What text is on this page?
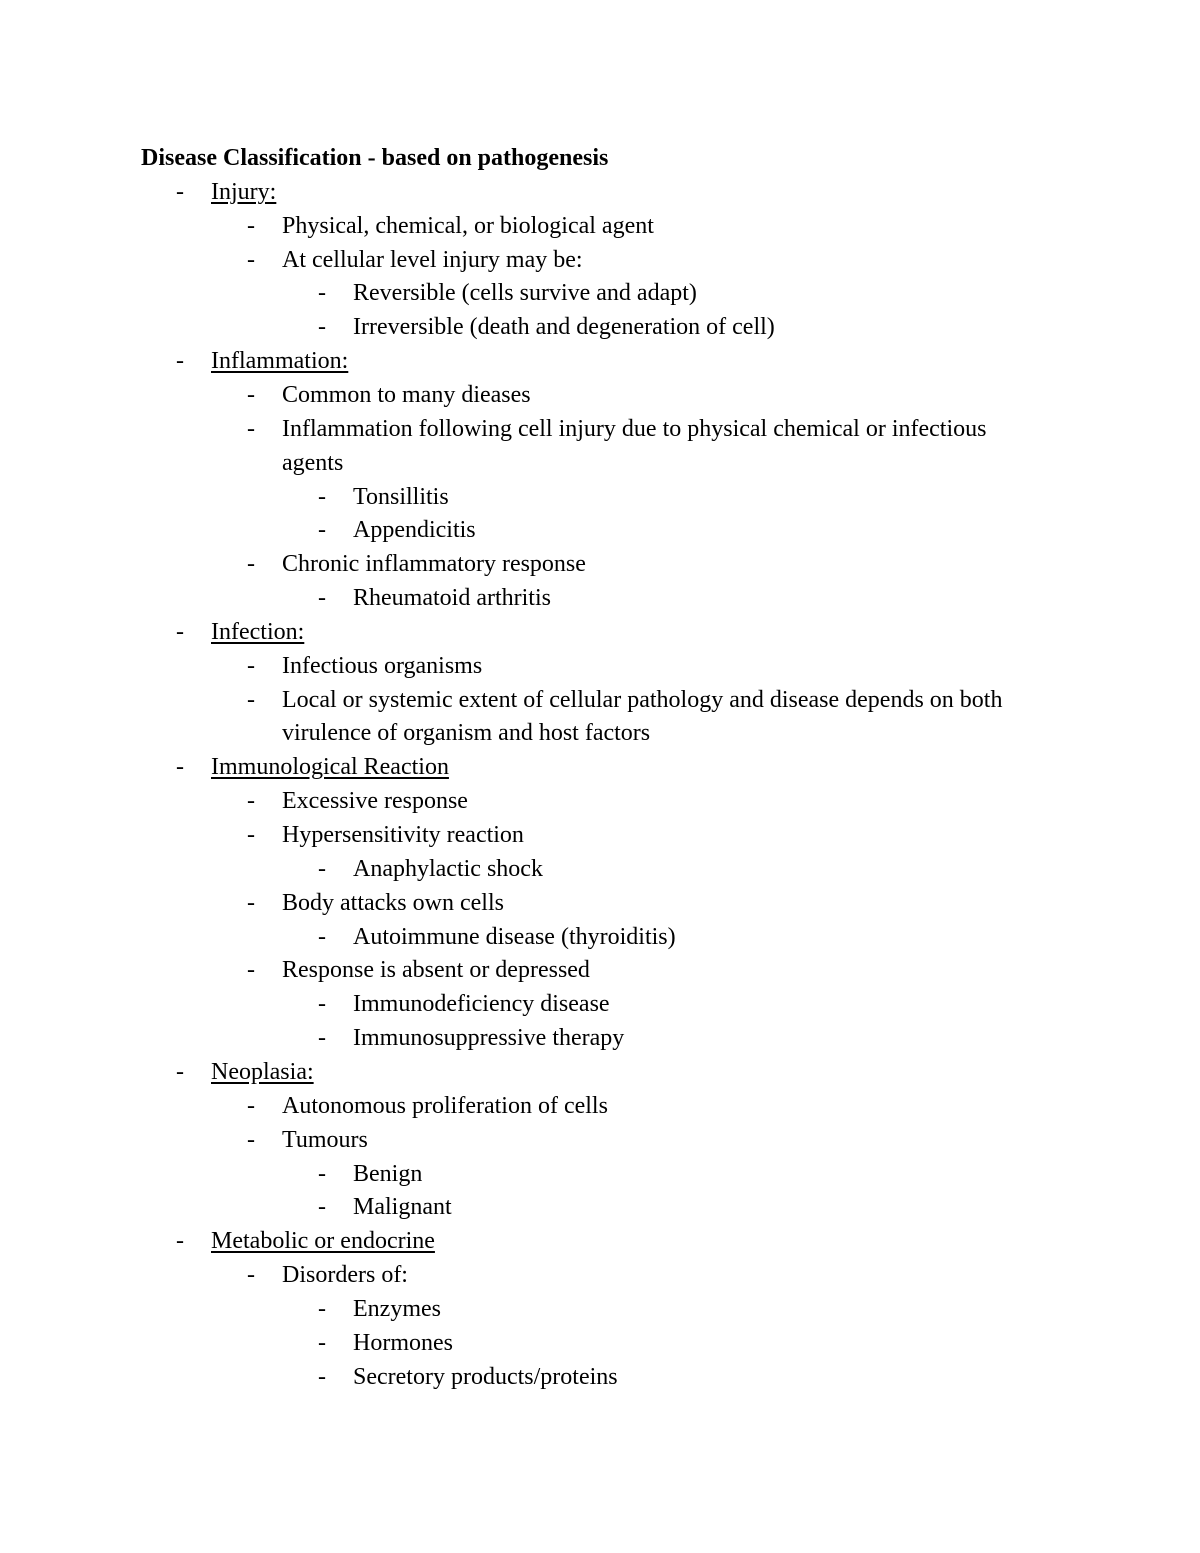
Disease Classification - based on pathogenesis
- Injury:
- Physical, chemical, or biological agent
- At cellular level injury may be:
- Reversible (cells survive and adapt)
- Irreversible (death and degeneration of cell)
- Inflammation:
- Common to many dieases
- Inflammation following cell injury due to physical chemical or infectious
agents
- Tonsillitis
- Appendicitis
- Chronic inflammatory response
- Rheumatoid arthritis
- Infection:
- Infectious organisms
- Local or systemic extent of cellular pathology and disease depends on both
virulence of organism and host factors
- Immunological Reaction
- Excessive response
- Hypersensitivity reaction
- Anaphylactic shock
- Body attacks own cells
- Autoimmune disease (thyroiditis)
- Response is absent or depressed
- Immunodeficiency disease
- Immunosuppressive therapy
- Neoplasia:
- Autonomous proliferation of cells
- Tumours
- Benign
- Malignant
- Metabolic or endocrine
- Disorders of:
- Enzymes
- Hormones
- Secretory products/proteins
